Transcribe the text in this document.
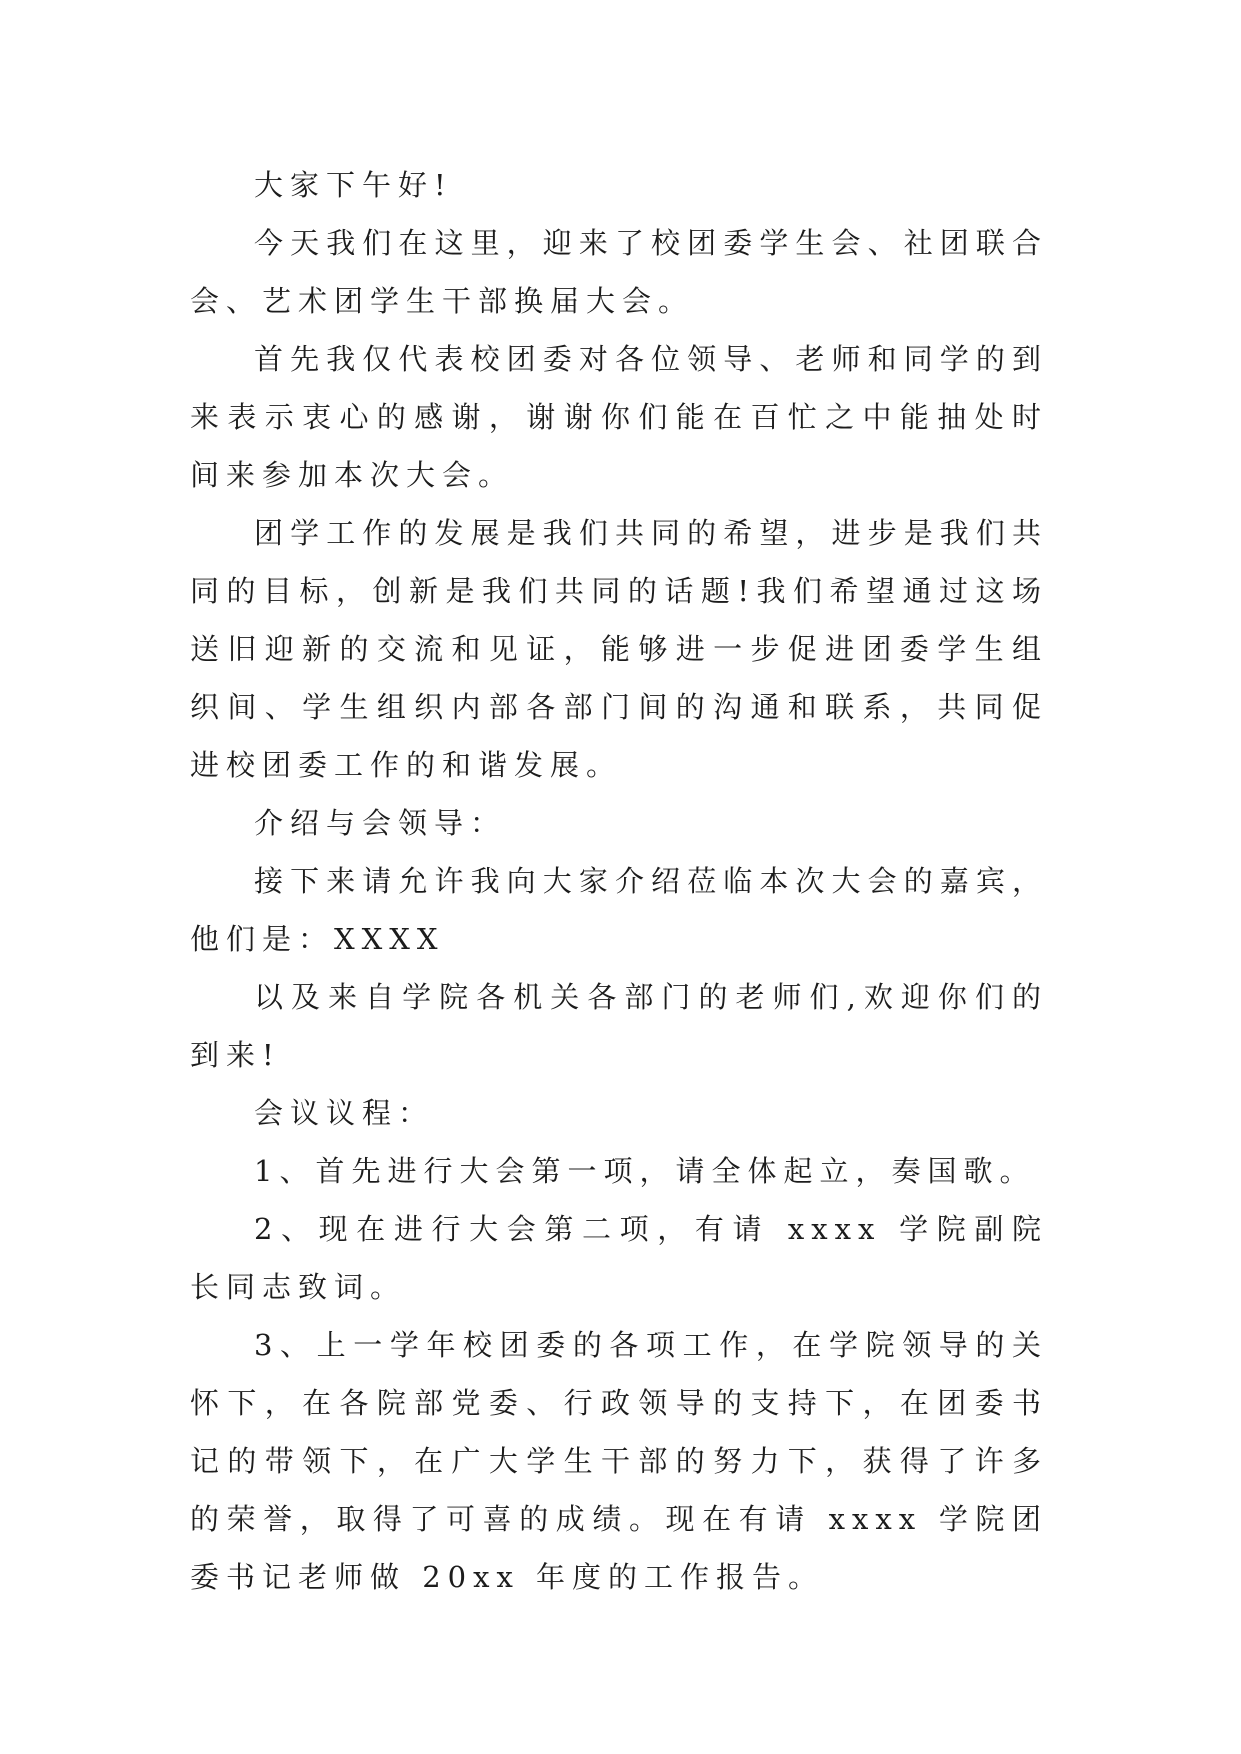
大家下午好!

今天我们在这里，迎来了校团委学生会、社团联合会、艺术团学生干部换届大会。

首先我仅代表校团委对各位领导、老师和同学的到来表示衷心的感谢，谢谢你们能在百忙之中能抽处时间来参加本次大会。

团学工作的发展是我们共同的希望，进步是我们共同的目标，创新是我们共同的话题!我们希望通过这场送旧迎新的交流和见证，能够进一步促进团委学生组织间、学生组织内部各部门间的沟通和联系，共同促进校团委工作的和谐发展。

介绍与会领导：

接下来请允许我向大家介绍莅临本次大会的嘉宾，他们是：XXXX

以及来自学院各机关各部门的老师们,欢迎你们的到来!

会议议程：

1、首先进行大会第一项，请全体起立，奏国歌。

2、现在进行大会第二项，有请 xxxx 学院副院长同志致词。

3、上一学年校团委的各项工作，在学院领导的关怀下，在各院部党委、行政领导的支持下，在团委书记的带领下，在广大学生干部的努力下，获得了许多的荣誉，取得了可喜的成绩。现在有请 xxxx 学院团委书记老师做 20xx 年度的工作报告。
